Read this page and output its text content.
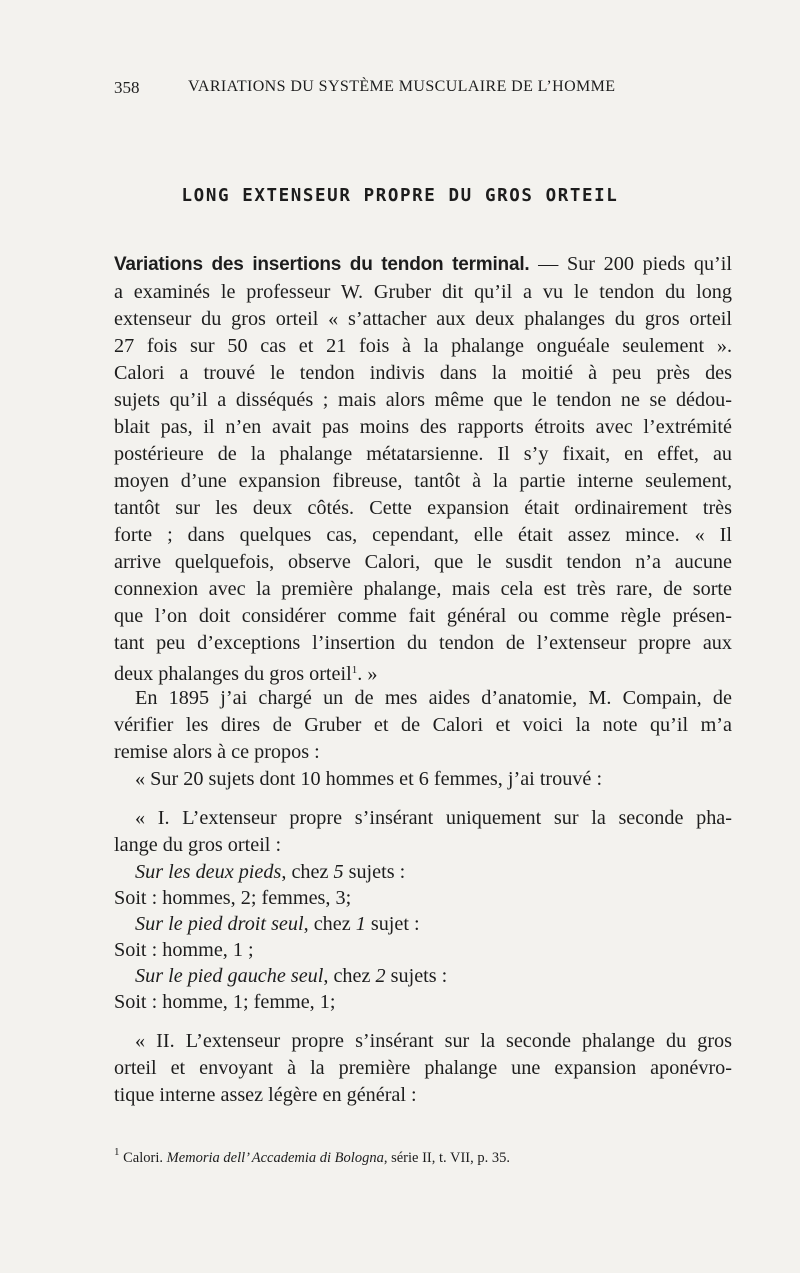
358	VARIATIONS DU SYSTÈME MUSCULAIRE DE L’HOMME
LONG EXTENSEUR PROPRE DU GROS ORTEIL
Variations des insertions du tendon terminal. — Sur 200 pieds qu’il
a examinés le professeur W. Gruber dit qu’il a vu le tendon du long
extenseur du gros orteil « s’attacher aux deux phalanges du gros orteil
27 fois sur 50 cas et 21 fois à la phalange onguéale seulement ».
Calori a trouvé le tendon indivis dans la moitié à peu près des
sujets qu’il a disséqués ; mais alors même que le tendon ne se dédou-
blait pas, il n’en avait pas moins des rapports étroits avec l’extrémité
postérieure de la phalange métatarsienne. Il s’y fixait, en effet, au
moyen d’une expansion fibreuse, tantôt à la partie interne seulement,
tantôt sur les deux côtés. Cette expansion était ordinairement très
forte ; dans quelques cas, cependant, elle était assez mince. « Il
arrive quelquefois, observe Calori, que le susdit tendon n’a aucune
connexion avec la première phalange, mais cela est très rare, de sorte
que l’on doit considérer comme fait général ou comme règle présen-
tant peu d’exceptions l’insertion du tendon de l’extenseur propre aux
deux phalanges du gros orteil$^1$. »
En 1895 j’ai chargé un de mes aides d’anatomie, M. Compain, de
vérifier les dires de Gruber et de Calori et voici la note qu’il m’a
remise alors à ce propos :
« Sur 20 sujets dont 10 hommes et 6 femmes, j’ai trouvé :
« I. L’extenseur propre s’insérant uniquement sur la seconde pha-
lange du gros orteil :
Sur les deux pieds, chez 5 sujets :
Soit : hommes, 2; femmes, 3;
Sur le pied droit seul, chez 1 sujet :
Soit : homme, 1 ;
Sur le pied gauche seul, chez 2 sujets :
Soit : homme, 1; femme, 1;
« II. L’extenseur propre s’insérant sur la seconde phalange du gros
orteil et envoyant à la première phalange une expansion aponévro-
tique interne assez légère en général :
$^1$ Calori. Memoria dell’ Accademia di Bologna, série II, t. VII, p. 35.
